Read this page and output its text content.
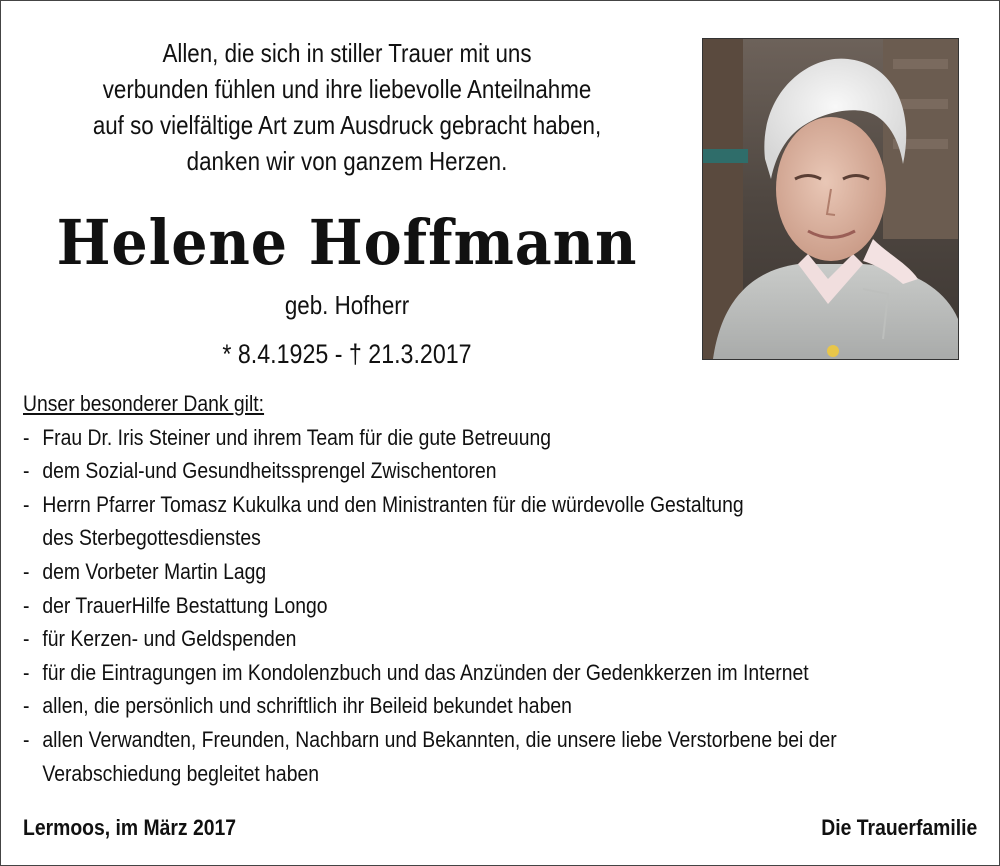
Allen, die sich in stiller Trauer mit uns
verbunden fühlen und ihre liebevolle Anteilnahme
auf so vielfältige Art zum Ausdruck gebracht haben,
danken wir von ganzem Herzen.
Helene Hoffmann
geb. Hofherr
* 8.4.1925 - † 21.3.2017
Unser besonderer Dank gilt:
- Frau Dr. Iris Steiner und ihrem Team für die gute Betreuung
- dem Sozial-und Gesundheitssprengel Zwischentoren
- Herrn Pfarrer Tomasz Kukulka und den Ministranten für die würdevolle Gestaltung
des Sterbegottesdienstes
- dem Vorbeter Martin Lagg
- der TrauerHilfe Bestattung Longo
- für Kerzen- und Geldspenden
- für die Eintragungen im Kondolenzbuch und das Anzünden der Gedenkkerzen im Internet
- allen, die persönlich und schriftlich ihr Beileid bekundet haben
- allen Verwandten, Freunden, Nachbarn und Bekannten, die unsere liebe Verstorbene bei der
Verabschiedung begleitet haben
Lermoos, im März 2017	Die Trauerfamilie
